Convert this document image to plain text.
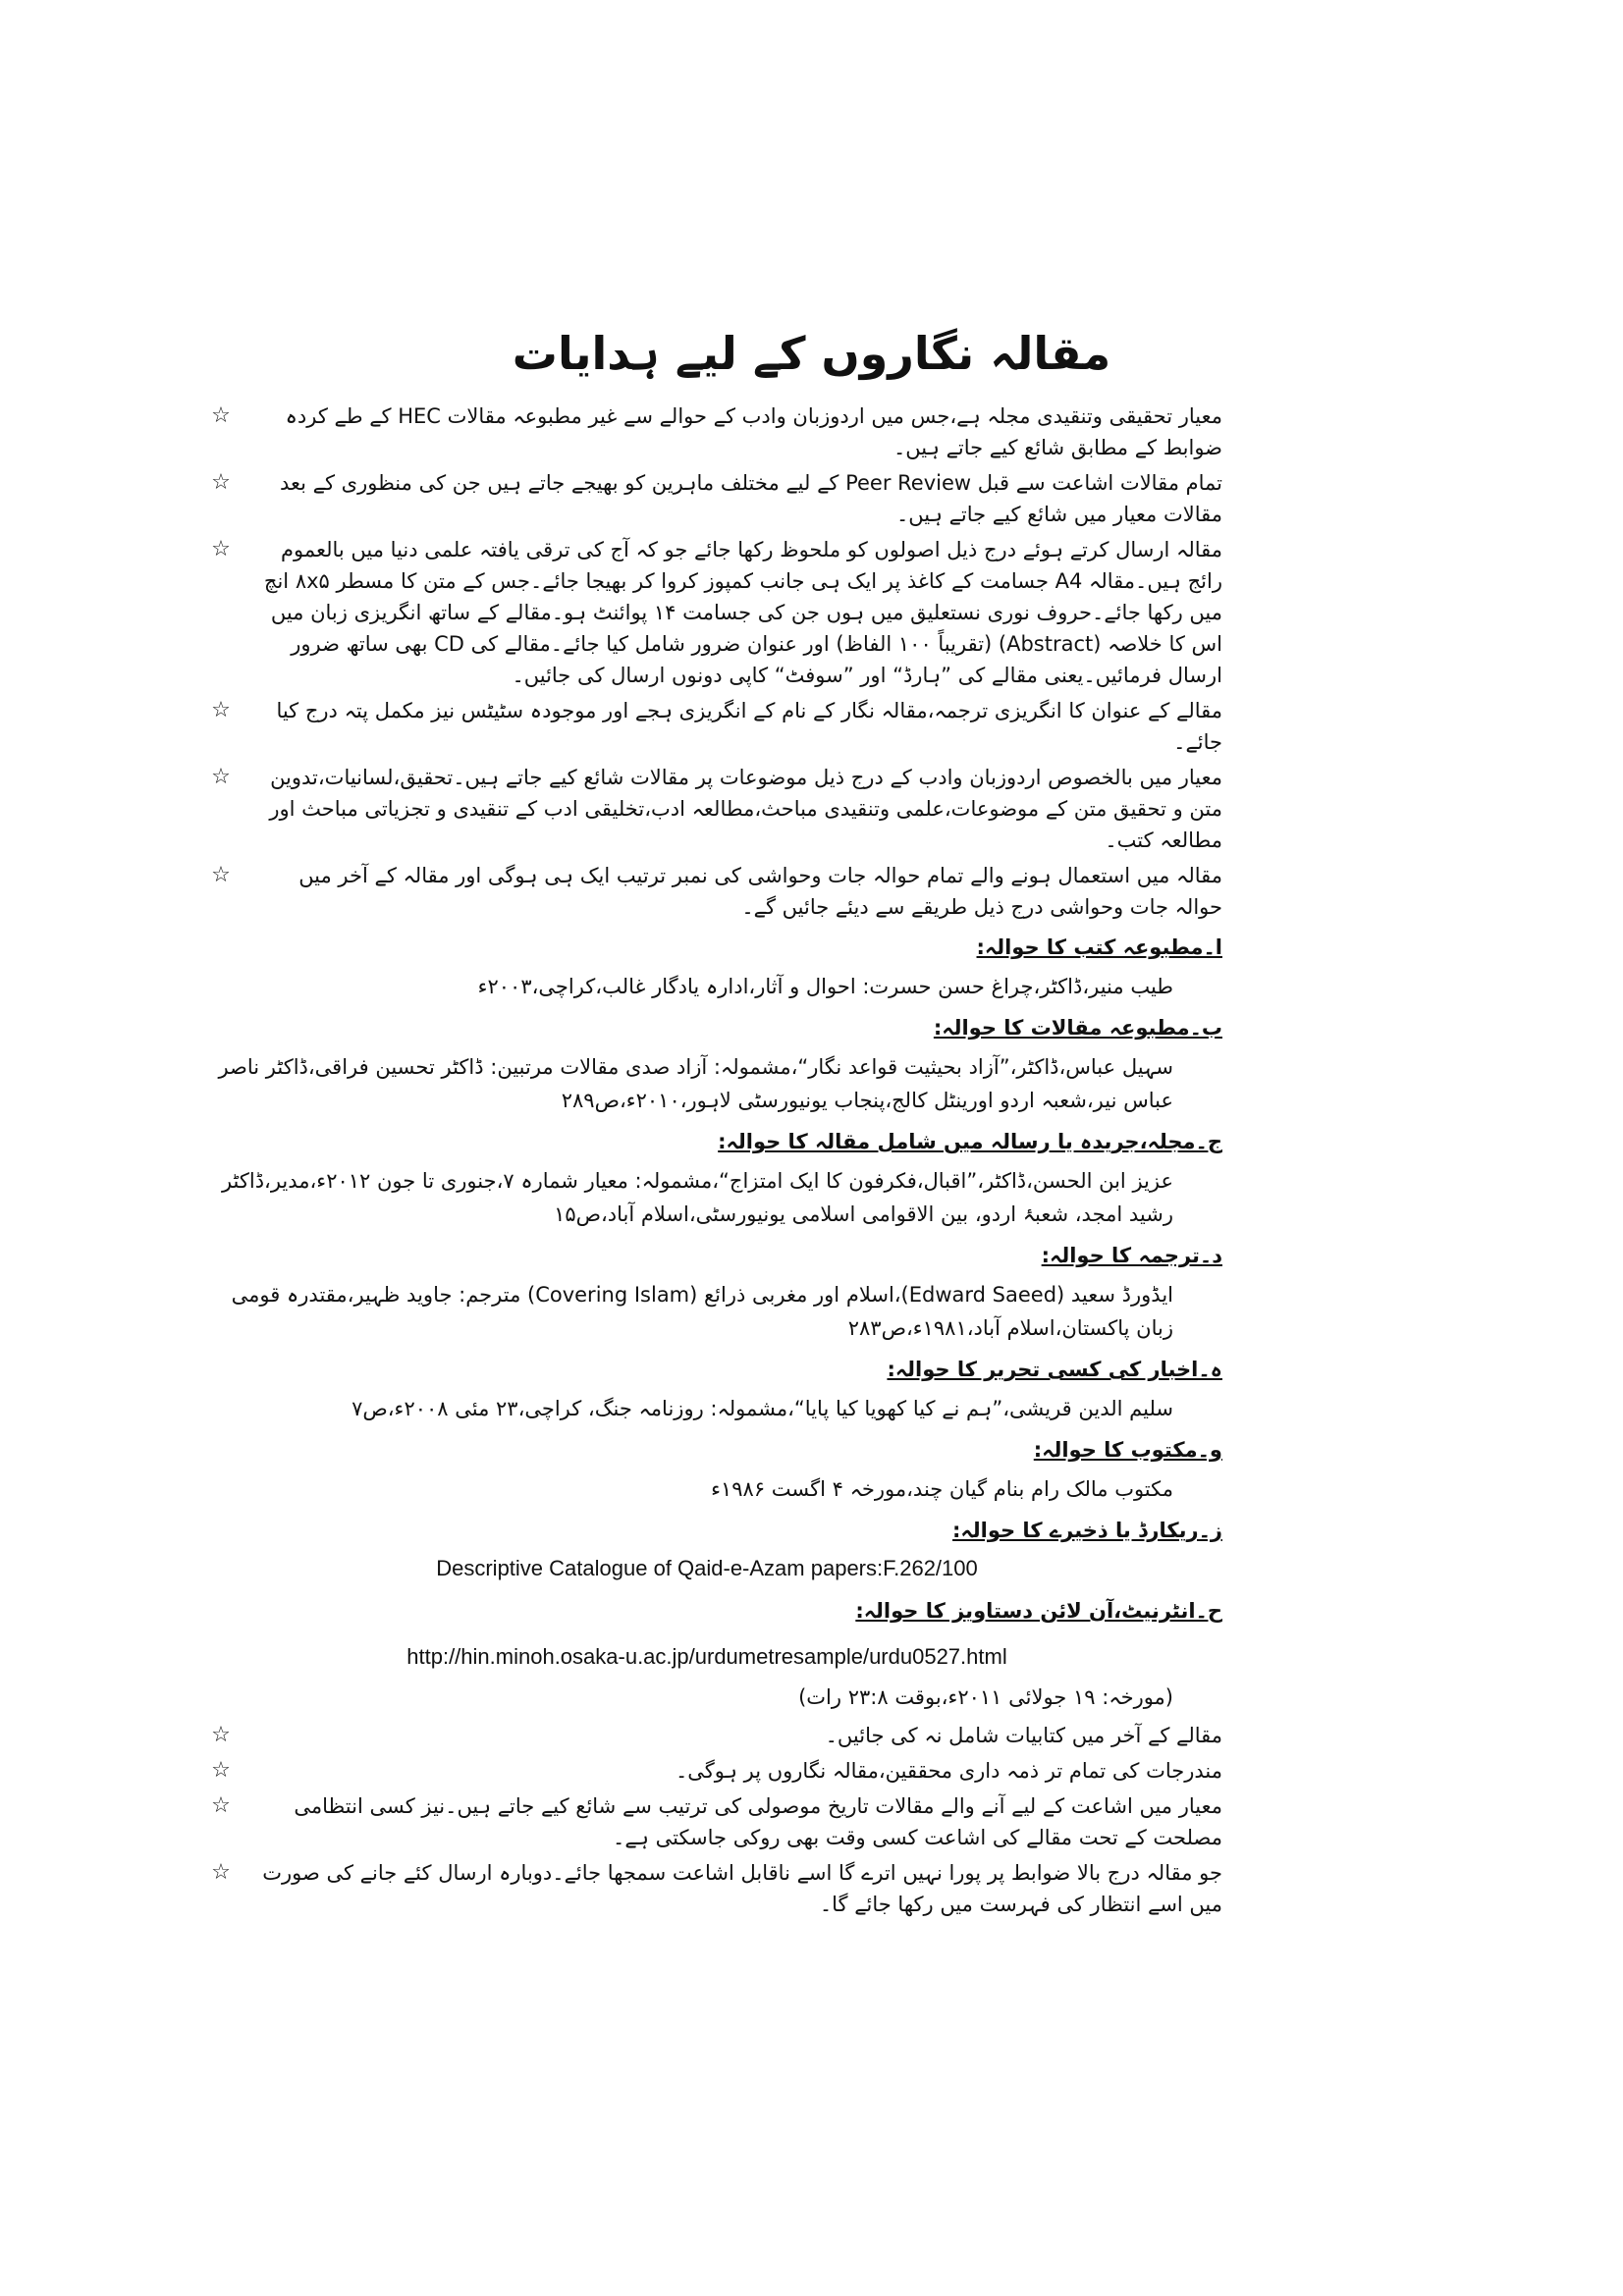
مقالہ نگاروں کے لیے ہدایات
معیار تحقیقی وتنقیدی مجلہ ہے،جس میں اردوزبان وادب کے حوالے سے غیر مطبوعہ مقالات HEC کے طے کردہ ضوابط کے مطابق شائع کیے جاتے ہیں۔
☆
تمام مقالات اشاعت سے قبل Peer Review کے لیے مختلف ماہرین کو بھیجے جاتے ہیں جن کی منظوری کے بعد مقالات معیار میں شائع کیے جاتے ہیں۔
☆
مقالہ ارسال کرتے ہوئے درج ذیل اصولوں کو ملحوظ رکھا جائے جو کہ آج کی ترقی یافتہ علمی دنیا میں بالعموم رائج ہیں۔مقالہ A4 جسامت کے کاغذ پر ایک ہی جانب کمپوز کروا کر بھیجا جائے۔جس کے متن کا مسطر ۸x۵ انچ میں رکھا جائے۔حروف نوری نستعلیق میں ہوں جن کی جسامت ۱۴ پوائنٹ ہو۔مقالے کے ساتھ انگریزی زبان میں اس کا خلاصہ (Abstract) (تقریباً ۱۰۰ الفاظ) اور عنوان ضرور شامل کیا جائے۔مقالے کی CD بھی ساتھ ضرور ارسال فرمائیں۔یعنی مقالے کی ”ہارڈ“ اور ”سوفٹ“ کاپی دونوں ارسال کی جائیں۔
☆
مقالے کے عنوان کا انگریزی ترجمہ،مقالہ نگار کے نام کے انگریزی ہجے اور موجودہ سٹیٹس نیز مکمل پتہ درج کیا جائے۔
☆
معیار میں بالخصوص اردوزبان وادب کے درج ذیل موضوعات پر مقالات شائع کیے جاتے ہیں۔تحقیق،لسانیات،تدوین متن و تحقیق متن کے موضوعات،علمی وتنقیدی مباحث،مطالعہ ادب،تخلیقی ادب کے تنقیدی و تجزیاتی مباحث اور مطالعہ کتب۔
☆
مقالہ میں استعمال ہونے والے تمام حوالہ جات وحواشی کی نمبر ترتیب ایک ہی ہوگی اور مقالہ کے آخر میں حوالہ جات وحواشی درج ذیل طریقے سے دیئے جائیں گے۔
☆
ا۔مطبوعہ کتب کا حوالہ:
طیب منیر،ڈاکٹر،چراغ حسن حسرت: احوال و آثار،ادارہ یادگار غالب،کراچی،۲۰۰۳ء
ب۔مطبوعہ مقالات کا حوالہ:
سہیل عباس،ڈاکٹر،”آزاد بحیثیت قواعد نگار“،مشمولہ: آزاد صدی مقالات مرتبین: ڈاکٹر تحسین فراقی،ڈاکٹر ناصر عباس نیر،شعبہ اردو اورینٹل کالج،پنجاب یونیورسٹی لاہور،۲۰۱۰ء،ص۲۸۹
ج۔مجلہ،جریدہ یا رسالہ میں شامل مقالہ کا حوالہ:
عزیز ابن الحسن،ڈاکٹر،”اقبال،فکرفون کا ایک امتزاج“،مشمولہ: معیار شمارہ ۷،جنوری تا جون ۲۰۱۲ء،مدیر،ڈاکٹر رشید امجد، شعبۂ اردو، بین الاقوامی اسلامی یونیورسٹی،اسلام آباد،ص۱۵
د۔ترجمہ کا حوالہ:
ایڈورڈ سعید (Edward Saeed)،اسلام اور مغربی ذرائع (Covering Islam) مترجم: جاوید ظہیر،مقتدرہ قومی زبان پاکستان،اسلام آباد،۱۹۸۱ء،ص۲۸۳
ہ۔اخبار کی کسی تحریر کا حوالہ:
سلیم الدین قریشی،”ہم نے کیا کھویا کیا پایا“،مشمولہ: روزنامہ جنگ، کراچی،۲۳ مئی ۲۰۰۸ء،ص۷
و۔مکتوب کا حوالہ:
مکتوب مالک رام بنام گیان چند،مورخہ ۴ اگست ۱۹۸۶ء
ز۔ریکارڈ یا ذخیرے کا حوالہ:
Descriptive Catalogue of Qaid-e-Azam papers:F.262/100
ح۔انٹرنیٹ،آن لائن دستاویز کا حوالہ:
http://hin.minoh.osaka-u.ac.jp/urdumetresample/urdu0527.html
(مورخہ: ۱۹ جولائی ۲۰۱۱ء،بوقت ۲۳:۸ رات)
مقالے کے آخر میں کتابیات شامل نہ کی جائیں۔
☆
مندرجات کی تمام تر ذمہ داری محققین،مقالہ نگاروں پر ہوگی۔
☆
معیار میں اشاعت کے لیے آنے والے مقالات تاریخ موصولی کی ترتیب سے شائع کیے جاتے ہیں۔نیز کسی انتظامی مصلحت کے تحت مقالے کی اشاعت کسی وقت بھی روکی جاسکتی ہے۔
☆
جو مقالہ درج بالا ضوابط پر پورا نہیں اترے گا اسے ناقابل اشاعت سمجھا جائے۔دوبارہ ارسال کئے جانے کی صورت میں اسے انتظار کی فہرست میں رکھا جائے گا۔
☆
